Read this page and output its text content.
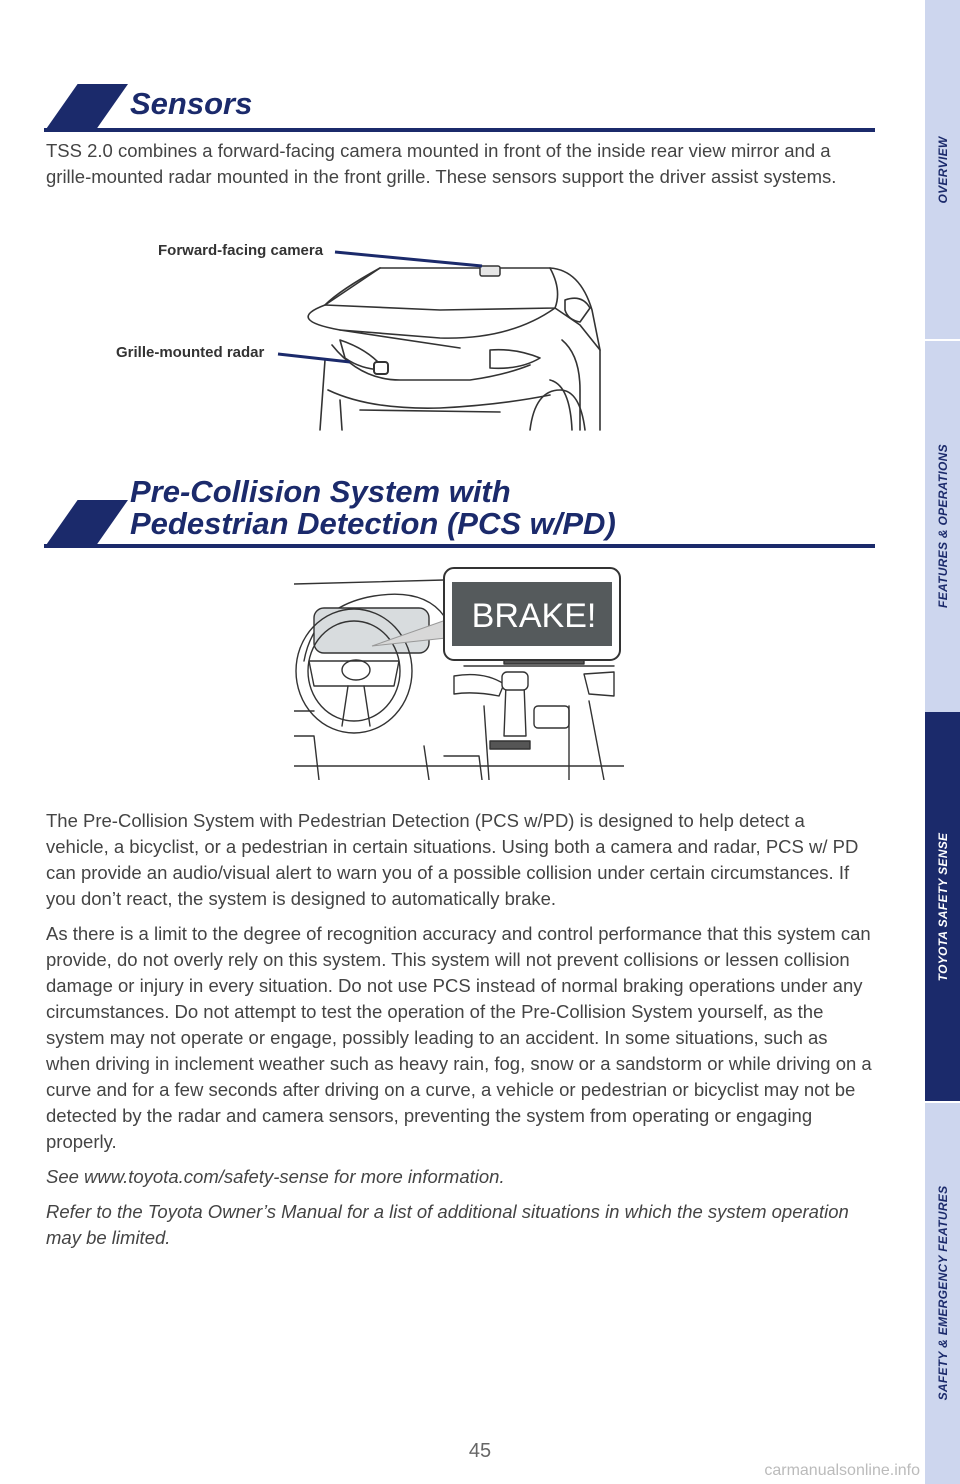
OVERVIEW
FEATURES & OPERATIONS
TOYOTA SAFETY SENSE
SAFETY & EMERGENCY FEATURES
Sensors

TSS 2.0 combines a forward-facing camera mounted in front of the inside rear view mirror and a grille-mounted radar mounted in the front grille. These sensors support the driver assist systems.

Forward-facing camera
Grille-mounted radar
Pre-Collision System with
Pedestrian Detection (PCS w/PD)
BRAKE!

The Pre-Collision System with Pedestrian Detection (PCS w/PD) is designed to help detect a vehicle, a bicyclist, or a pedestrian in certain situations. Using both a camera and radar, PCS w/ PD can provide an audio/visual alert to warn you of a possible collision under certain circumstances. If you don’t react, the system is designed to automatically brake.

As there is a limit to the degree of recognition accuracy and control performance that this system can provide, do not overly rely on this system. This system will not prevent collisions or lessen collision damage or injury in every situation. Do not use PCS instead of normal braking operations under any circumstances. Do not attempt to test the operation of the Pre-Collision System yourself, as the system may not operate or engage, possibly leading to an accident. In some situations, such as when driving in inclement weather such as heavy rain, fog, snow or a sandstorm or while driving on a curve and for a few seconds after driving on a curve, a vehicle or pedestrian or bicyclist may not be detected by the radar and camera sensors, preventing the system from operating or engaging properly.

See www.toyota.com/safety-sense for more information.

Refer to the Toyota Owner’s Manual for a list of additional situations in which the system operation may be limited.

45
carmanualsonline.info
